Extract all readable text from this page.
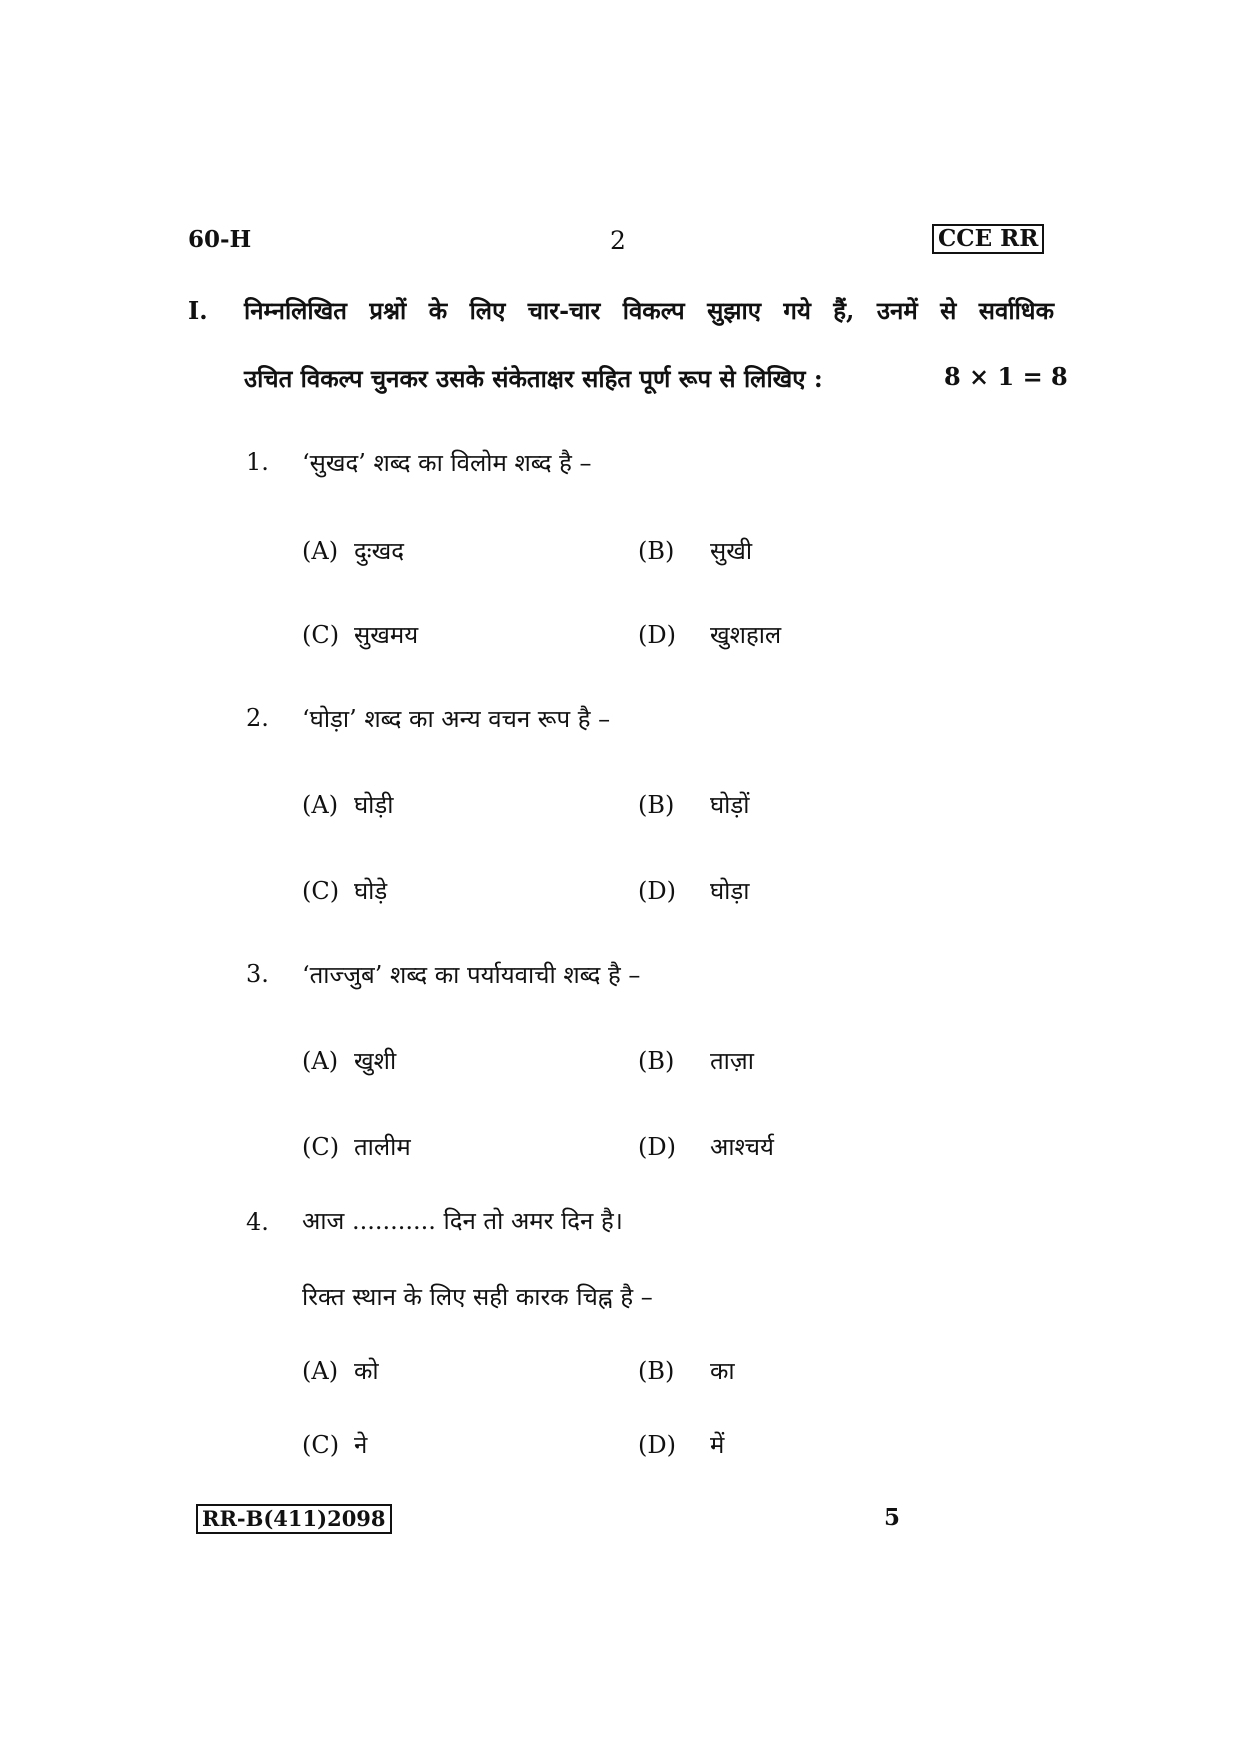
60-H	2	CCE RR
I. निम्नलिखित प्रश्नों के लिए चार-चार विकल्प सुझाए गये हैं, उनमें से सर्वाधिक
उचित विकल्प चुनकर उसके संकेताक्षर सहित पूर्ण रूप से लिखिए :	8 × 1 = 8
1. ‘सुखद’ शब्द का विलोम शब्द है –
(A) दुःखद	(B) सुखी
(C) सुखमय	(D) खुशहाल
2. ‘घोड़ा’ शब्द का अन्य वचन रूप है –
(A) घोड़ी	(B) घोड़ों
(C) घोड़े	(D) घोड़ा
3. ‘ताज्जुब’ शब्द का पर्यायवाची शब्द है –
(A) खुशी	(B) ताज़ा
(C) तालीम	(D) आश्चर्य
4. आज ........... दिन तो अमर दिन है।
रिक्त स्थान के लिए सही कारक चिह्न है –
(A) को	(B) का
(C) ने	(D) में
RR-B(411)2098	5
